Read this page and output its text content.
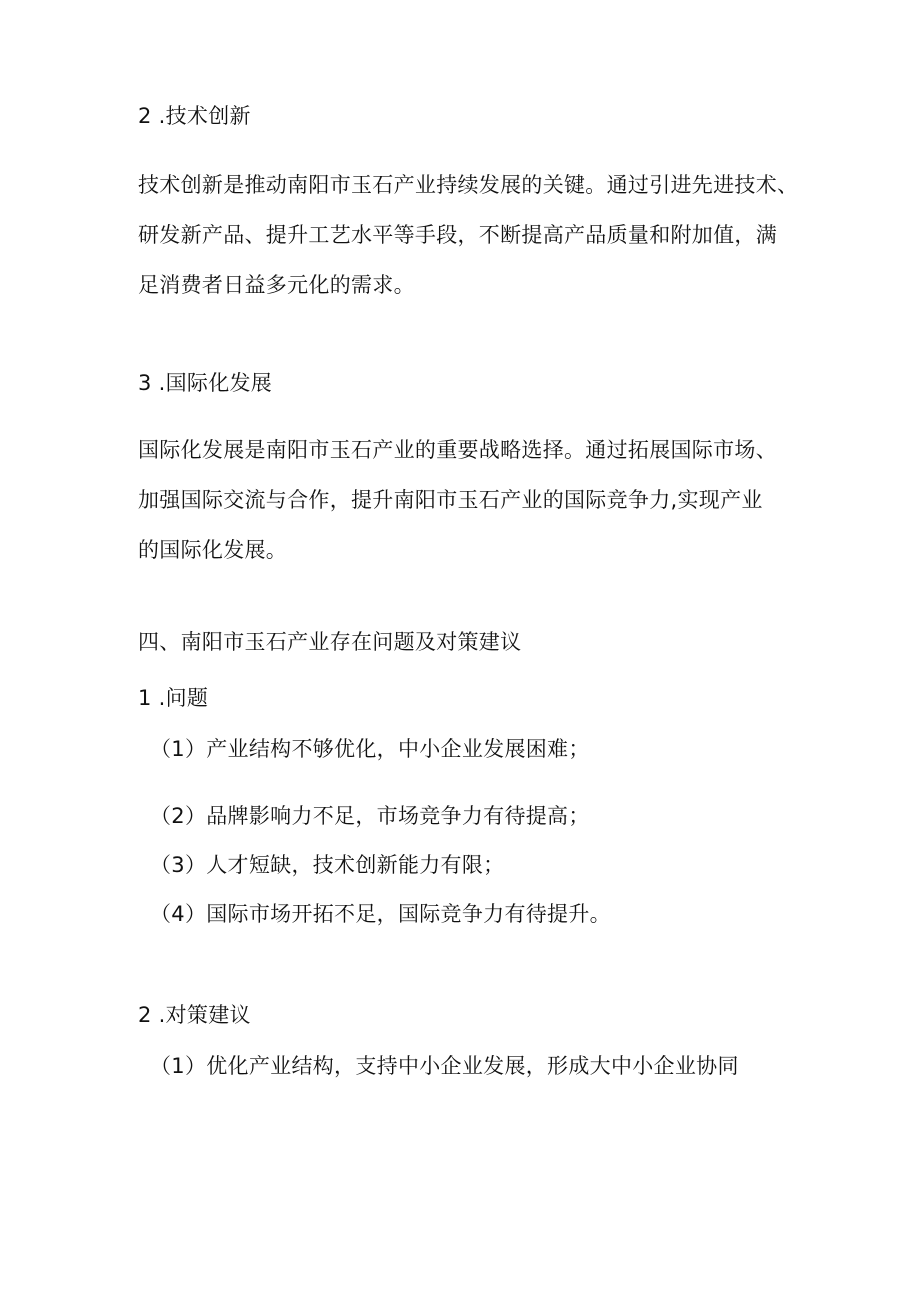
2 .技术创新
技术创新是推动南阳市玉石产业持续发展的关键。通过引进先进技术、
研发新产品、提升工艺水平等手段，不断提高产品质量和附加值，满
足消费者日益多元化的需求。
3 .国际化发展
国际化发展是南阳市玉石产业的重要战略选择。通过拓展国际市场、
加强国际交流与合作，提升南阳市玉石产业的国际竞争力,实现产业
的国际化发展。
四、南阳市玉石产业存在问题及对策建议
1 .问题
（1）产业结构不够优化，中小企业发展困难；
（2）品牌影响力不足，市场竞争力有待提高；
（3）人才短缺，技术创新能力有限；
（4）国际市场开拓不足，国际竞争力有待提升。
2 .对策建议
（1）优化产业结构，支持中小企业发展，形成大中小企业协同
